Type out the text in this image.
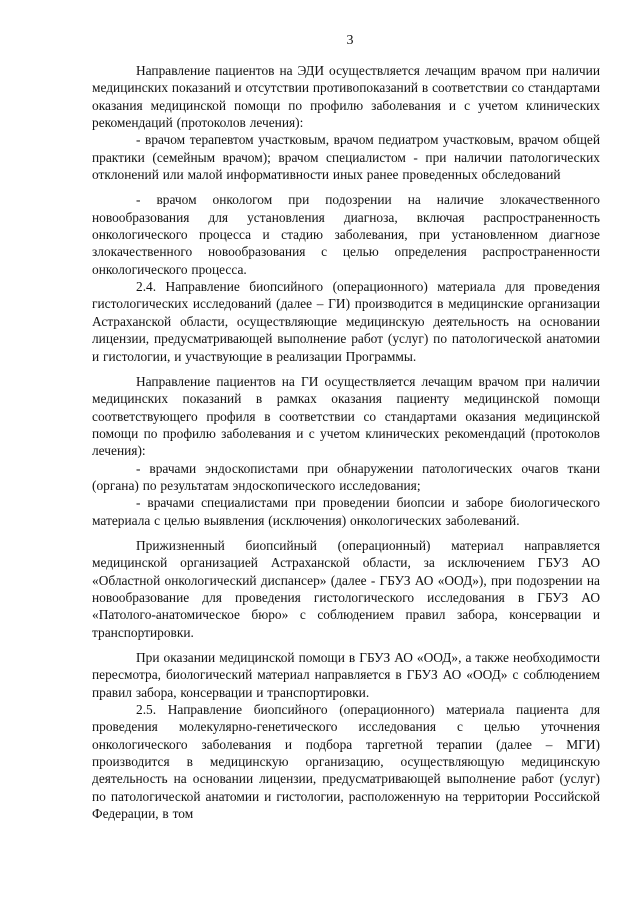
3

Направление пациентов на ЭДИ осуществляется лечащим врачом при наличии медицинских показаний и отсутствии противопоказаний в соответствии со стандартами оказания медицинской помощи по профилю заболевания и с учетом клинических рекомендаций (протоколов лечения):

- врачом терапевтом участковым, врачом педиатром участковым, врачом общей практики (семейным врачом); врачом специалистом - при наличии патологических отклонений или малой информативности иных ранее проведенных обследований

- врачом онкологом при подозрении на наличие злокачественного новообразования для установления диагноза, включая распространенность онкологического процесса и стадию заболевания, при установленном диагнозе злокачественного новообразования с целью определения распространенности онкологического процесса.

2.4. Направление биопсийного (операционного) материала для проведения гистологических исследований (далее – ГИ) производится в медицинские организации Астраханской области, осуществляющие медицинскую деятельность на основании лицензии, предусматривающей выполнение работ (услуг) по патологической анатомии и гистологии, и участвующие в реализации Программы.

Направление пациентов на ГИ осуществляется лечащим врачом при наличии медицинских показаний в рамках оказания пациенту медицинской помощи соответствующего профиля в соответствии со стандартами оказания медицинской помощи по профилю заболевания и с учетом клинических рекомендаций (протоколов лечения):

- врачами эндоскопистами при обнаружении патологических очагов ткани (органа) по результатам эндоскопического исследования;

- врачами специалистами при проведении биопсии и заборе биологического материала с целью выявления (исключения) онкологических заболеваний.

Прижизненный биопсийный (операционный) материал направляется медицинской организацией Астраханской области, за исключением ГБУЗ АО «Областной онкологический диспансер» (далее - ГБУЗ АО «ООД»), при подозрении на новообразование для проведения гистологического исследования в ГБУЗ АО «Патолого-анатомическое бюро» с соблюдением правил забора, консервации и транспортировки.

При оказании медицинской помощи в ГБУЗ АО «ООД», а также необходимости пересмотра, биологический материал направляется в ГБУЗ АО «ООД» с соблюдением правил забора, консервации и транспортировки.

2.5. Направление биопсийного (операционного) материала пациента для проведения молекулярно-генетического исследования с целью уточнения онкологического заболевания и подбора таргетной терапии (далее – МГИ) производится в медицинскую организацию, осуществляющую медицинскую деятельность на основании лицензии, предусматривающей выполнение работ (услуг) по патологической анатомии и гистологии, расположенную на территории Российской Федерации, в том
